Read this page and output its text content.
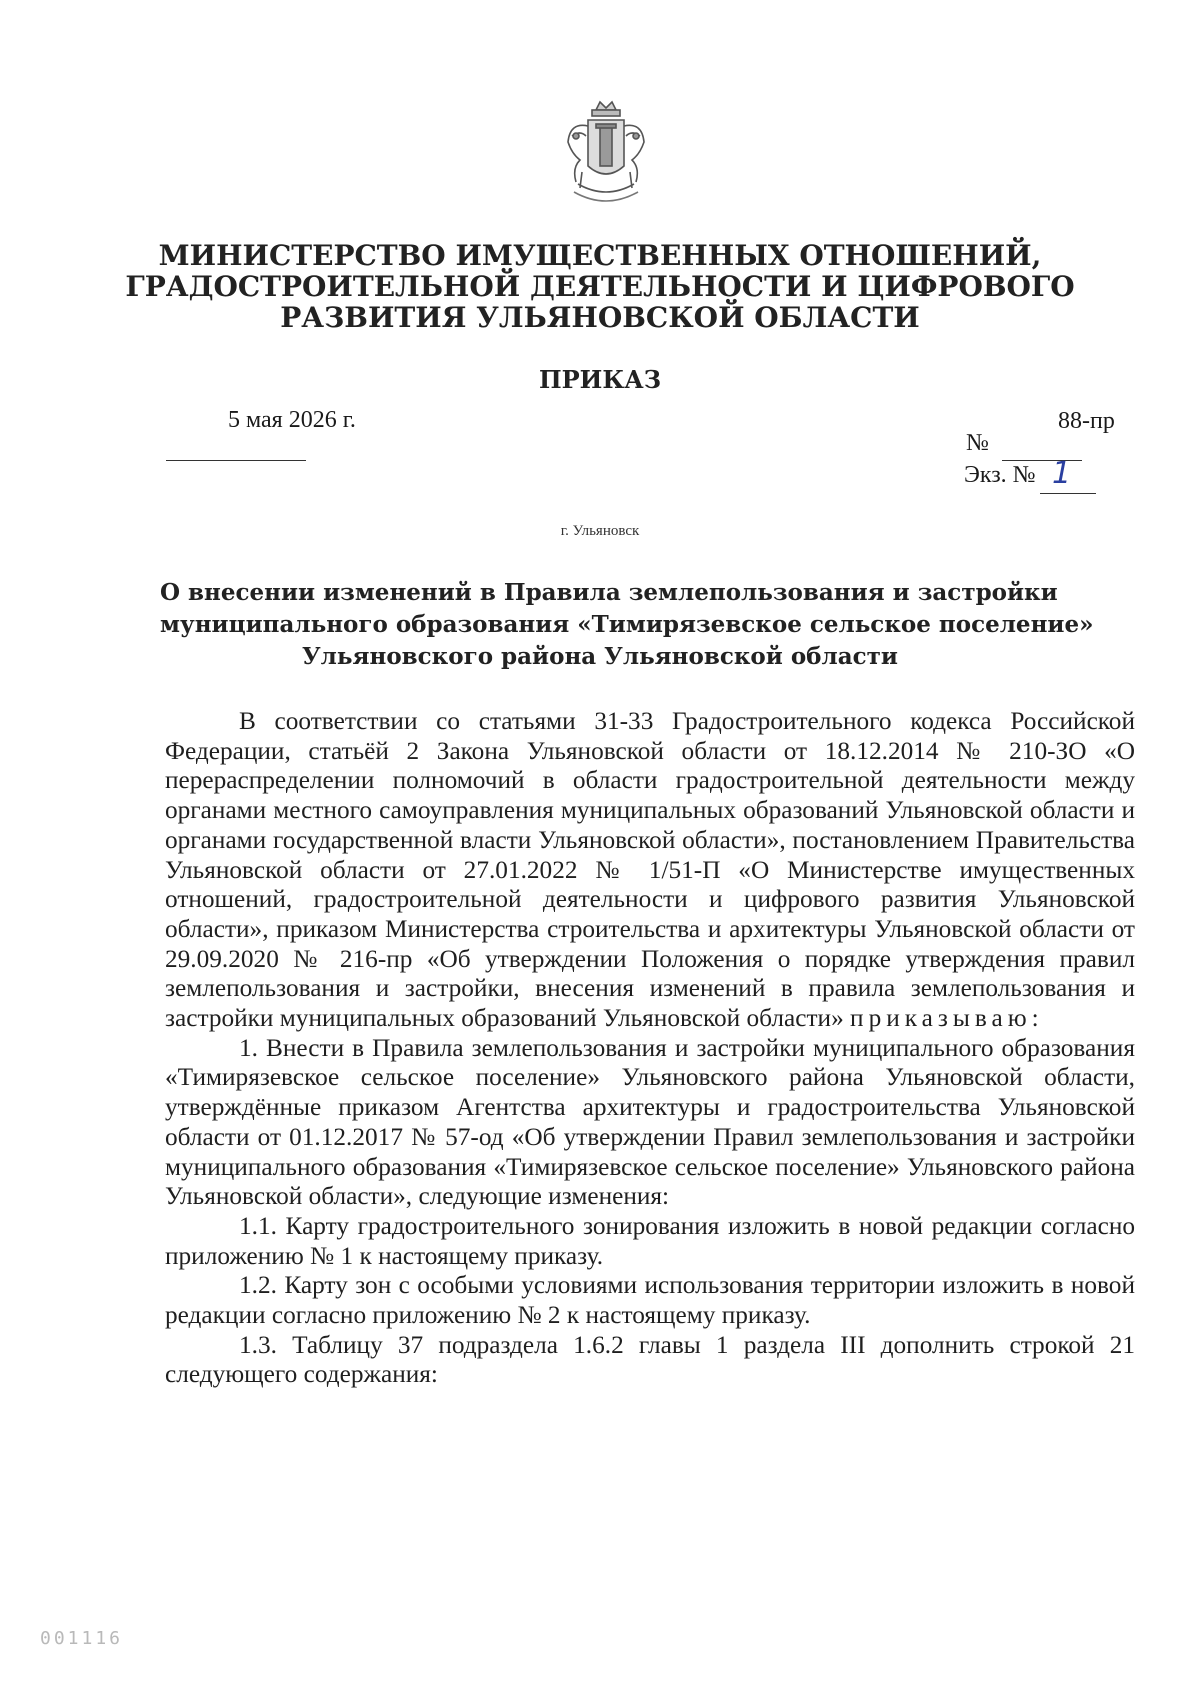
МИНИСТЕРСТВО ИМУЩЕСТВЕННЫХ ОТНОШЕНИЙ,
ГРАДОСТРОИТЕЛЬНОЙ ДЕЯТЕЛЬНОСТИ И ЦИФРОВОГО
РАЗВИТИЯ УЛЬЯНОВСКОЙ ОБЛАСТИ
ПРИКАЗ
5 мая 2026 г.	88-пр
№
Экз. № 1
г. Ульяновск
О внесении изменений в Правила землепользования и застройки
муниципального образования «Тимирязевское сельское поселение»
Ульяновского района Ульяновской области
В соответствии со статьями 31-33 Градостроительного кодекса Российской Федерации, статьёй 2 Закона Ульяновской области от 18.12.2014 № 210-ЗО «О перераспределении полномочий в области градостроительной деятельности между органами местного самоуправления муниципальных образований Ульяновской области и органами государственной власти Ульяновской области», постановлением Правительства Ульяновской области от 27.01.2022 № 1/51-П «О Министерстве имущественных отношений, градостроительной деятельности и цифрового развития Ульяновской области», приказом Министерства строительства и архитектуры Ульяновской области от 29.09.2020 № 216-пр «Об утверждении Положения о порядке утверждения правил землепользования и застройки, внесения изменений в правила землепользования и застройки муниципальных образований Ульяновской области» приказываю:
1. Внести в Правила землепользования и застройки муниципального образования «Тимирязевское сельское поселение» Ульяновского района Ульяновской области, утверждённые приказом Агентства архитектуры и градостроительства Ульяновской области от 01.12.2017 № 57-од «Об утверждении Правил землепользования и застройки муниципального образования «Тимирязевское сельское поселение» Ульяновского района Ульяновской области», следующие изменения:
1.1. Карту градостроительного зонирования изложить в новой редакции согласно приложению № 1 к настоящему приказу.
1.2. Карту зон с особыми условиями использования территории изложить в новой редакции согласно приложению № 2 к настоящему приказу.
1.3. Таблицу 37 подраздела 1.6.2 главы 1 раздела III дополнить строкой 21 следующего содержания:
001116
